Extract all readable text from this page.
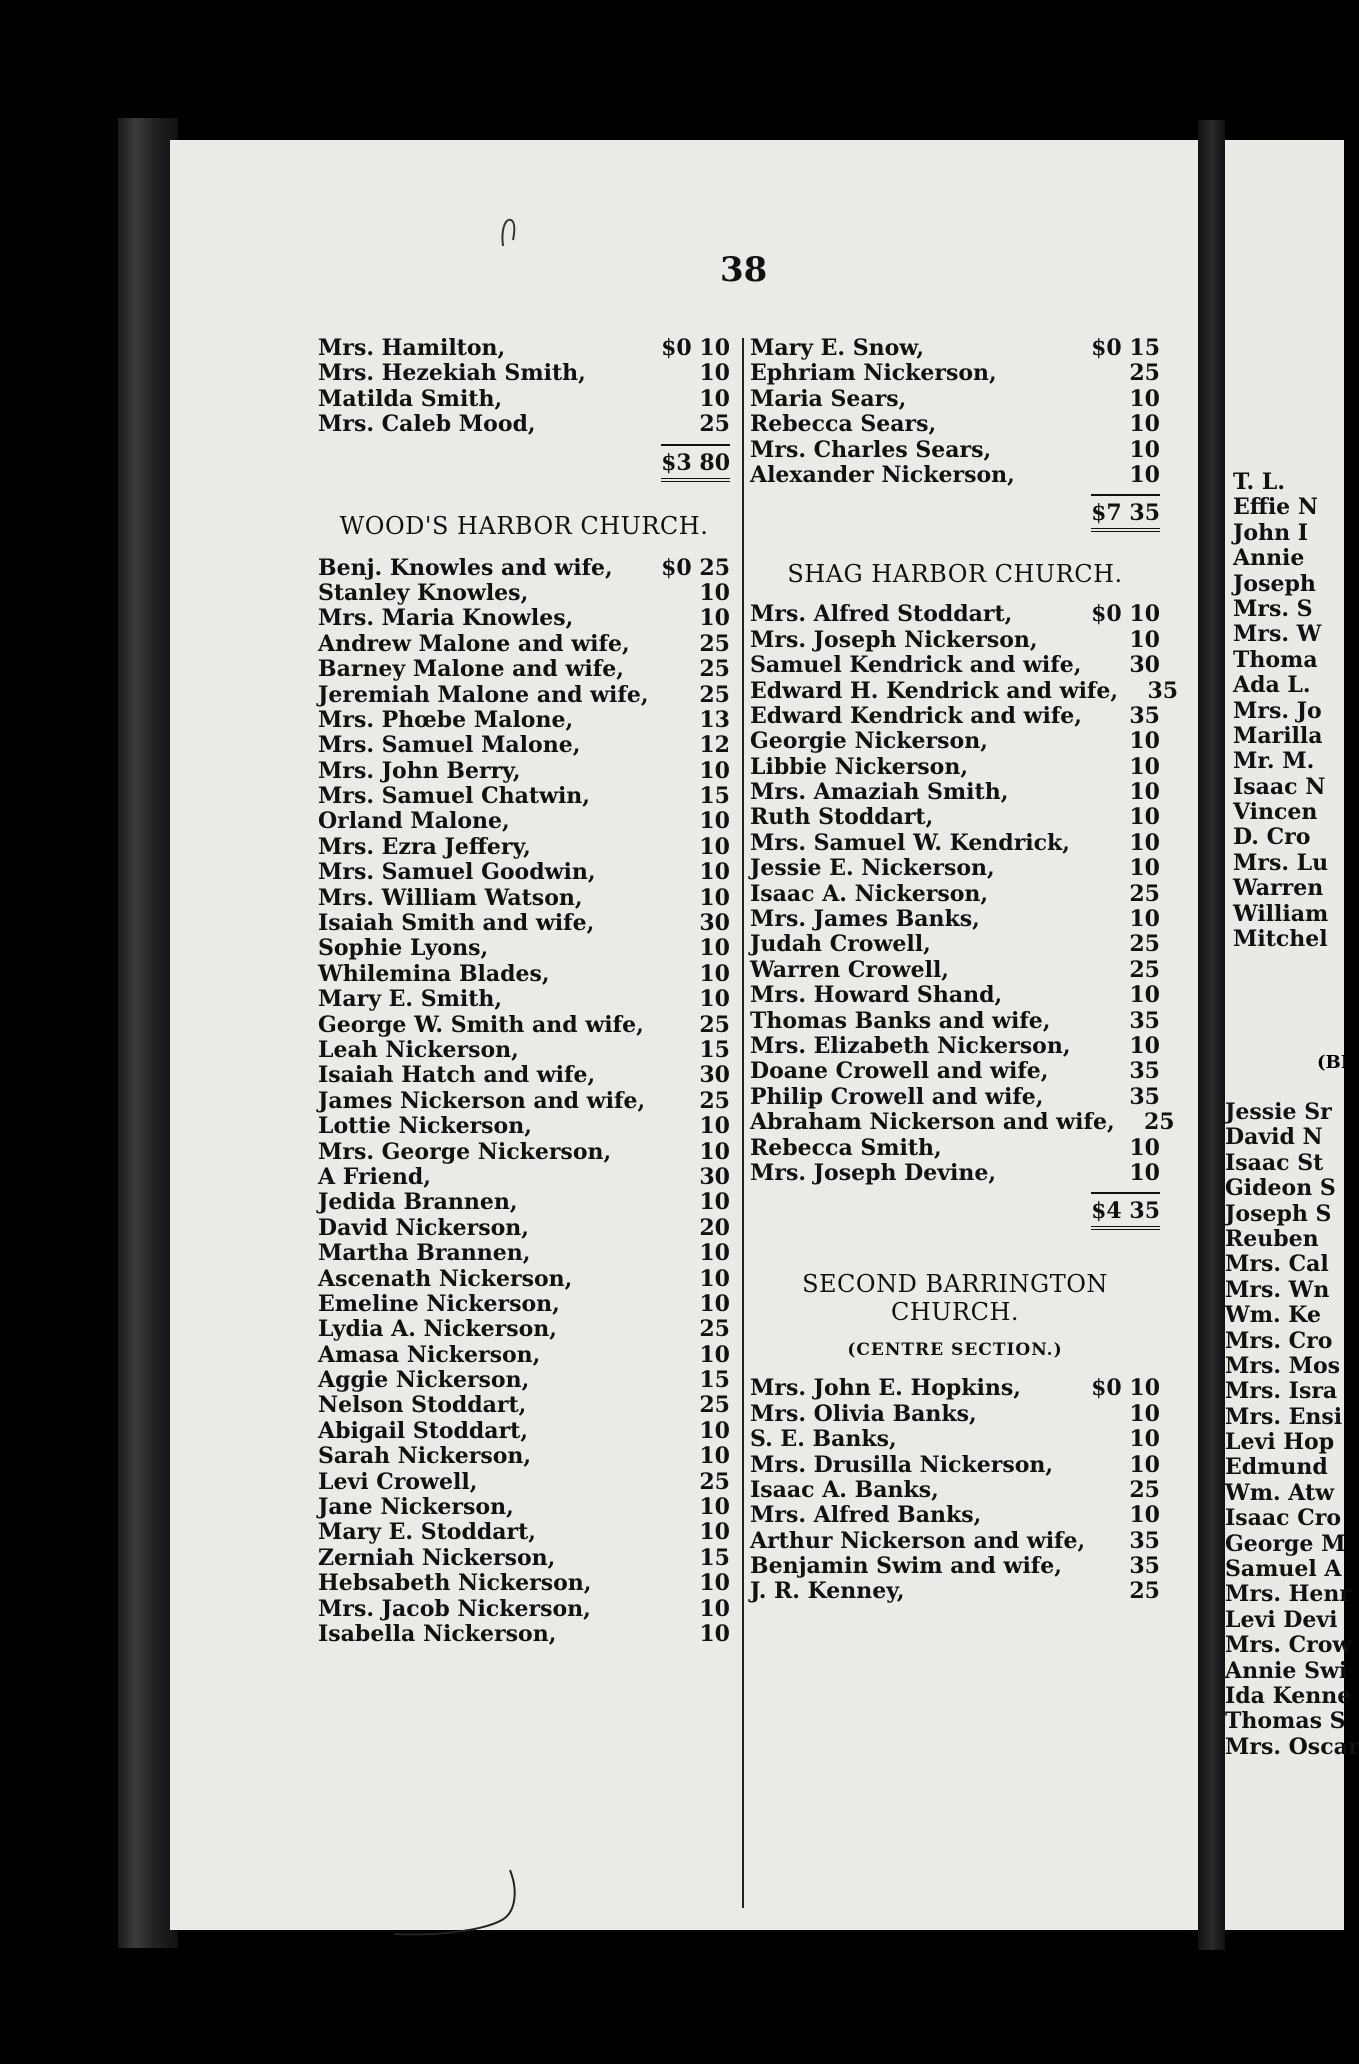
T. L.
Effie N
John I
Annie
Joseph
Mrs. S
Mrs. W
Thoma
Ada L.
Mrs. Jo
Marilla
Mr. M.
Isaac N
Vincen
D. Cro
Mrs. Lu
Warren
William
Mitchel
(BI
Jessie Sr
David N
Isaac St
Gideon S
Joseph S
Reuben
Mrs. Cal
Mrs. Wn
Wm. Ke
Mrs. Cro
Mrs. Mos
Mrs. Isra
Mrs. Ensi
Levi Hop
Edmund
Wm. Atw
Isaac Cro
George M
Samuel A
Mrs. Henr
Levi Devi
Mrs. Crow
Annie Swi
Ida Kenne
Thomas S
Mrs. Oscar
38
Mrs. Hamilton,	$0 10
Mrs. Hezekiah Smith,	10
Matilda Smith,	10
Mrs. Caleb Mood,	25
$3 80
WOOD'S HARBOR CHURCH.
Benj. Knowles and wife, $0 25
Stanley Knowles,	10
Mrs. Maria Knowles,	10
Andrew Malone and wife,	25
Barney Malone and wife,	25
Jeremiah Malone and wife,	25
Mrs. Phœbe Malone,	13
Mrs. Samuel Malone,	12
Mrs. John Berry,	10
Mrs. Samuel Chatwin,	15
Orland Malone,	10
Mrs. Ezra Jeffery,	10
Mrs. Samuel Goodwin,	10
Mrs. William Watson,	10
Isaiah Smith and wife,	30
Sophie Lyons,	10
Whilemina Blades,	10
Mary E. Smith,	10
George W. Smith and wife,	25
Leah Nickerson,	15
Isaiah Hatch and wife,	30
James Nickerson and wife,	25
Lottie Nickerson,	10
Mrs. George Nickerson,	10
A Friend,	30
Jedida Brannen,	10
David Nickerson,	20
Martha Brannen,	10
Ascenath Nickerson,	10
Emeline Nickerson,	10
Lydia A. Nickerson,	25
Amasa Nickerson,	10
Aggie Nickerson,	15
Nelson Stoddart,	25
Abigail Stoddart,	10
Sarah Nickerson,	10
Levi Crowell,	25
Jane Nickerson,	10
Mary E. Stoddart,	10
Zerniah Nickerson,	15
Hebsabeth Nickerson,	10
Mrs. Jacob Nickerson,	10
Isabella Nickerson,	10
Mary E. Snow,	$0 15
Ephriam Nickerson,	25
Maria Sears,	10
Rebecca Sears,	10
Mrs. Charles Sears,	10
Alexander Nickerson,	10
$7 35
SHAG HARBOR CHURCH.
Mrs. Alfred Stoddart,	$0 10
Mrs. Joseph Nickerson,	10
Samuel Kendrick and wife,	30
Edward H. Kendrick and wife,	35
Edward Kendrick and wife,	35
Georgie Nickerson,	10
Libbie Nickerson,	10
Mrs. Amaziah Smith,	10
Ruth Stoddart,	10
Mrs. Samuel W. Kendrick,	10
Jessie E. Nickerson,	10
Isaac A. Nickerson,	25
Mrs. James Banks,	10
Judah Crowell,	25
Warren Crowell,	25
Mrs. Howard Shand,	10
Thomas Banks and wife,	35
Mrs. Elizabeth Nickerson,	10
Doane Crowell and wife,	35
Philip Crowell and wife,	35
Abraham Nickerson and wife,	25
Rebecca Smith,	10
Mrs. Joseph Devine,	10
$4 35
SECOND BARRINGTON
CHURCH.
(CENTRE SECTION.)
Mrs. John E. Hopkins,	$0 10
Mrs. Olivia Banks,	10
S. E. Banks,	10
Mrs. Drusilla Nickerson,	10
Isaac A. Banks,	25
Mrs. Alfred Banks,	10
Arthur Nickerson and wife,	35
Benjamin Swim and wife,	35
J. R. Kenney,	25
